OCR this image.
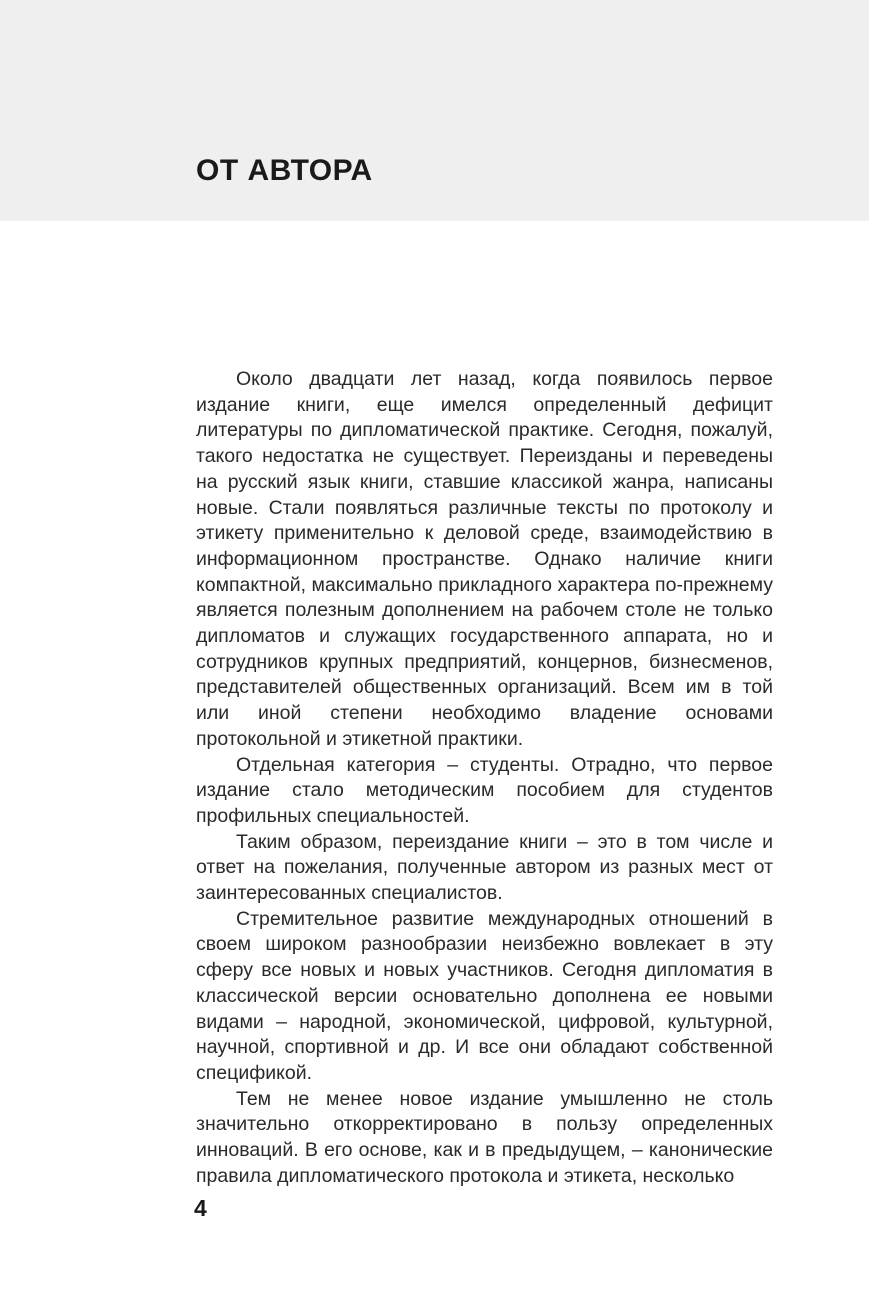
ОТ АВТОРА

Около двадцати лет назад, когда появилось первое издание книги, еще имелся определенный дефицит литературы по дипломатической практике. Сегодня, пожалуй, такого недостатка не существует. Переизданы и переведены на русский язык книги, ставшие классикой жанра, написаны новые. Стали появляться различные тексты по протоколу и этикету применительно к деловой среде, взаимодействию в информационном пространстве. Однако наличие книги компактной, максимально прикладного характера по-прежнему является полезным дополнением на рабочем столе не только дипломатов и служащих государственного аппарата, но и сотрудников крупных предприятий, концернов, бизнесменов, представителей общественных организаций. Всем им в той или иной степени необходимо владение основами протокольной и этикетной практики.

Отдельная категория – студенты. Отрадно, что первое издание стало методическим пособием для студентов профильных специальностей.

Таким образом, переиздание книги – это в том числе и ответ на пожелания, полученные автором из разных мест от заинтересованных специалистов.

Стремительное развитие международных отношений в своем широком разнообразии неизбежно вовлекает в эту сферу все новых и новых участников. Сегодня дипломатия в классической версии основательно дополнена ее новыми видами – народной, экономической, цифровой, культурной, научной, спортивной и др. И все они обладают собственной спецификой.

Тем не менее новое издание умышленно не столь значительно откорректировано в пользу определенных инноваций. В его основе, как и в предыдущем, – канонические правила дипломатического протокола и этикета, несколько

4
